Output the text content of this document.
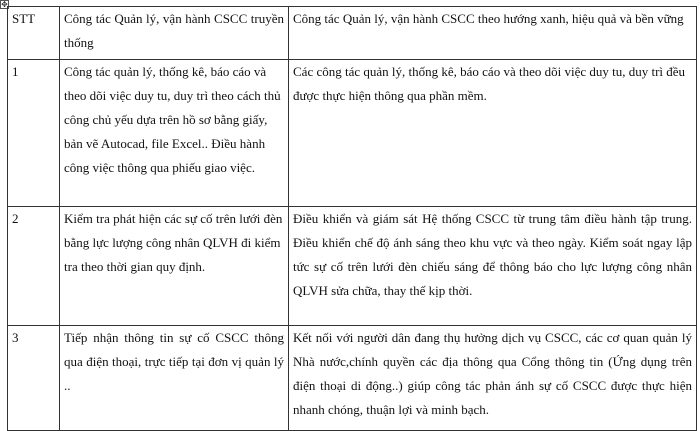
✥
STT	Công tác Quản lý, vận hành CSCC truyền thống	Công tác Quản lý, vận hành CSCC theo hướng xanh, hiệu quả và bền vững
1	Công tác quản lý, thống kê, báo cáo và theo dõi việc duy tu, duy trì theo cách thủ công chủ yếu dựa trên hồ sơ bằng giấy, bản vẽ Autocad, file Excel.. Điều hành công việc thông qua phiếu giao việc.	Các công tác quản lý, thống kê, báo cáo và theo dõi việc duy tu, duy trì đều được thực hiện thông qua phần mềm.
2	Kiểm tra phát hiện các sự cố trên lưới đèn bằng lực lượng công nhân QLVH đi kiểm tra theo thời gian quy định.	Điều khiển và giám sát Hệ thống CSCC từ trung tâm điều hành tập trung. Điều khiển chế độ ánh sáng theo khu vực và theo ngày. Kiểm soát ngay lập tức sự cố trên lưới đèn chiếu sáng để thông báo cho lực lượng công nhân QLVH sửa chữa, thay thế kịp thời.
3	Tiếp nhận thông tin sự cố CSCC thông qua điện thoại, trực tiếp tại đơn vị quản lý ..	Kết nối với người dân đang thụ hưởng dịch vụ CSCC, các cơ quan quản lý Nhà nước,chính quyền các địa thông qua Cổng thông tin (Ứng dụng trên điện thoại di động..) giúp công tác phản ánh sự cố CSCC được thực hiện nhanh chóng, thuận lợi và minh bạch.
